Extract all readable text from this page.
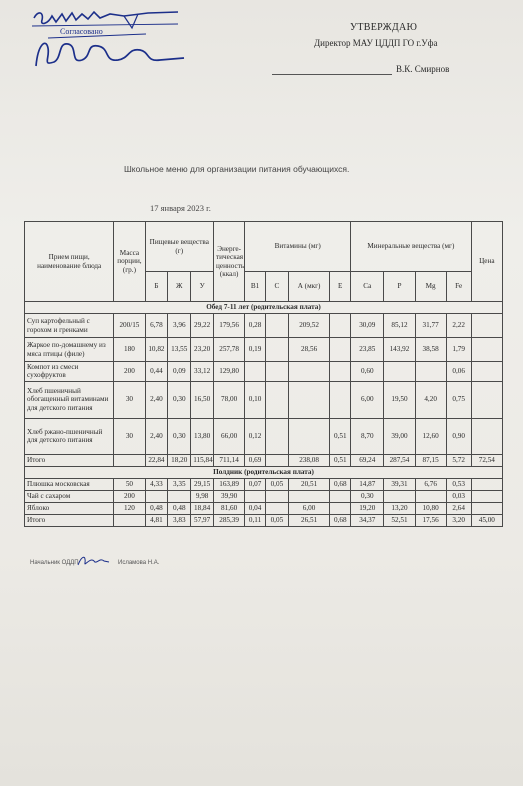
Согласовано	УТВЕРЖДАЮ
Директор МАУ ЦДДП ГО г.Уфа
В.К. Смирнов
Школьное меню для организации питания обучающихся.
17 января 2023 г.
Прием пищи, наименование блюда	Масса порции, (гр.)	Пищевые вещества (г)			Энерге-тическая ценность (ккал)	Витамины (мг)				Минеральные вещества (мг)				Цена
		Б	Ж	У		B1	C	А (мкг)	Е	Ca	P	Mg	Fe	
Обед 7-11 лет (родительская плата)														
Суп картофельный с горохом и гренками	200/15	6,78	3,96	29,22	179,56	0,28		209,52		30,09	85,12	31,77	2,22	
Жаркое по-домашнему из мяса птицы (филе)	180	10,82	13,55	23,20	257,78	0,19		28,56		23,85	143,92	38,58	1,79	
Компот из смеси сухофруктов	200	0,44	0,09	33,12	129,80					0,60			0,06	
Хлеб пшеничный обогащенный витаминами для детского питания	30	2,40	0,30	16,50	78,00	0,10				6,00	19,50	4,20	0,75	
Хлеб ржано-пшеничный для детского питания	30	2,40	0,30	13,80	66,00	0,12			0,51	8,70	39,00	12,60	0,90	
Итого		22,84	18,20	115,84	711,14	0,69		238,08	0,51	69,24	287,54	87,15	5,72	72,54
Полдник (родительская плата)														
Плюшка московская	50	4,33	3,35	29,15	163,89	0,07	0,05	20,51	0,68	14,87	39,31	6,76	0,53	
Чай с сахаром	200			9,98	39,90					0,30			0,03	
Яблоко	120	0,48	0,48	18,84	81,60	0,04		6,00		19,20	13,20	10,80	2,64	
Итого		4,81	3,83	57,97	285,39	0,11	0,05	26,51	0,68	34,37	52,51	17,56	3,20	45,00
Начальник ОДДП	Исламова Н.А.
